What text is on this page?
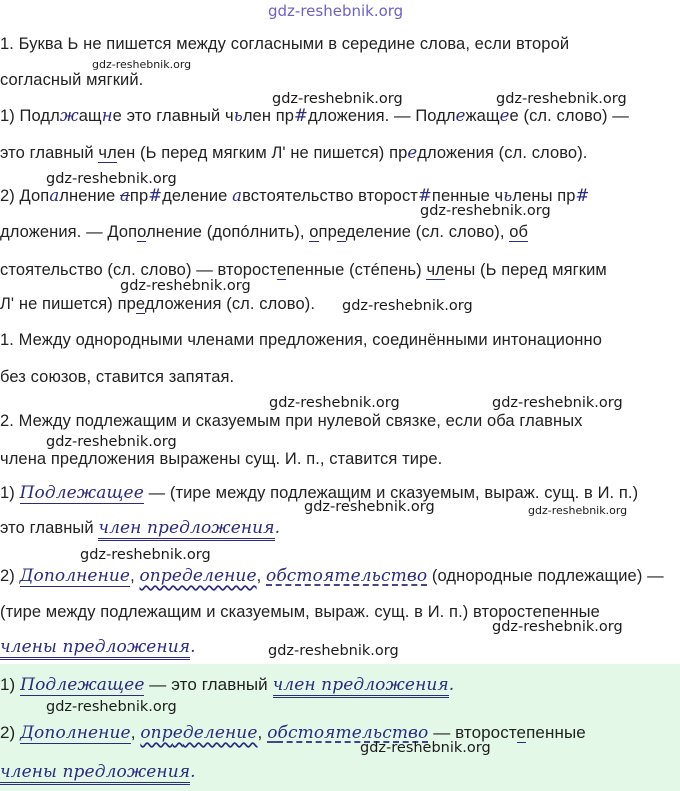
gdz-reshebnik.org
1. Буква Ь не пишется между согласными в середине слова, если второй
согласный мягкий.
gdz-reshebnik.org
gdz-reshebnik.org	gdz-reshebnik.org
1) Подлжащне это главный чьлен пр#дложения. — Подлежащее (сл. слово) —
это главный член (Ь перед мягким Л' не пишется) предложения (сл. слово).
gdz-reshebnik.org
2) Допалнение апр#деление австоятельство второст#пенные чьлены пр#
gdz-reshebnik.org
дложения. — Дополнение (допóлнить), определение (сл. слово), об
стоятельство (сл. слово) — второстепенные (стéпень) члены (Ь перед мягким
gdz-reshebnik.org
Л' не пишется) предложения (сл. слово). gdz-reshebnik.org
1. Между однородными членами предложения, соединёнными интонационно
без союзов, ставится запятая.
gdz-reshebnik.org	gdz-reshebnik.org
2. Между подлежащим и сказуемым при нулевой связке, если оба главных
gdz-reshebnik.org
члена предложения выражены сущ. И. п., ставится тире.
1) Подлежащее — (тире между подлежащим и сказуемым, выраж. сущ. в И. п.)
gdz-reshebnik.org	gdz-reshebnik.org
это главный член предложения.
gdz-reshebnik.org
2) Дополнение, определение, обстоятельство (однородные подлежащие) —
(тире между подлежащим и сказуемым, выраж. сущ. в И. п.) второстепенные
gdz-reshebnik.org
члены предложения.	gdz-reshebnik.org
1) Подлежащее — это главный член предложения.
gdz-reshebnik.org
2) Дополнение, определение, обстоятельство — второстепенные
gdz-reshebnik.org
члены предложения.
